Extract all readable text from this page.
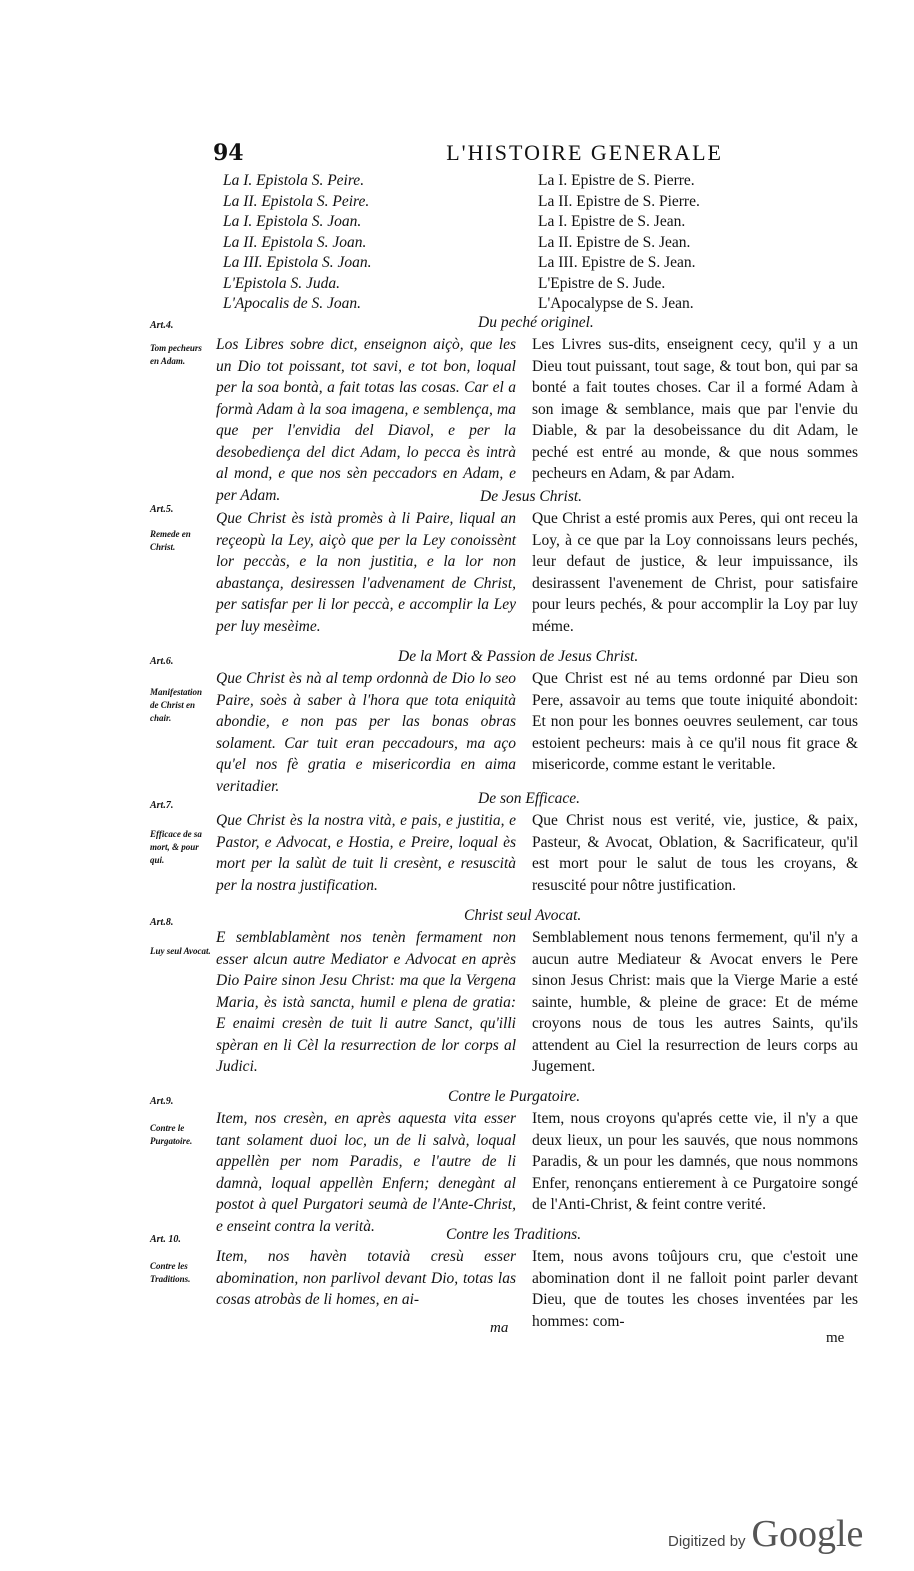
94	L'HISTOIRE GENERALE
La I. Epistola S. Peire.	La I. Epistre de S. Pierre.
La II. Epistola S. Peire.	La II. Epistre de S. Pierre.
La I. Epistola S. Joan.	La I. Epistre de S. Jean.
La II. Epistola S. Joan.	La II. Epistre de S. Jean.
La III. Epistola S. Joan.	La III. Epistre de S. Jean.
L'Epistola S. Juda.	L'Epistre de S. Jude.
L'Apocalis de S. Joan.	L'Apocalypse de S. Jean.
Du peché originel.
Art.4.
Tom pecheurs en Adam.
Los Libres sobre dict, enseignon aiçò, que les un Dio tot poissant, tot savi, e tot bon, loqual per la soa bontà, a fait totas las cosas. Car el a formà Adam à la soa imagena, e semblença, ma que per l'envidia del Diavol, e per la desobediença del dict Adam, lo pecca ès intrà al mond, e que nos sèn peccadors en Adam, e per Adam.
Les Livres sus-dits, enseignent cecy, qu'il y a un Dieu tout puissant, tout sage, & tout bon, qui par sa bonté a fait toutes choses. Car il a formé Adam à son image & semblance, mais que par l'envie du Diable, & par la desobeissance du dit Adam, le peché est entré au monde, & que nous sommes pecheurs en Adam, & par Adam.
De Jesus Christ.
Art.5.
Remede en Christ.
Que Christ ès istà promès à li Paire, liqual an reçeopù la Ley, aiçò que per la Ley conoissènt lor peccàs, e la non justitia, e la lor non abastança, desiressen l'advenament de Christ, per satisfar per li lor peccà, e accomplir la Ley per luy mesèime.
Que Christ a esté promis aux Peres, qui ont receu la Loy, à ce que par la Loy connoissans leurs pechés, leur defaut de justice, & leur impuissance, ils desirassent l'avenement de Christ, pour satisfaire pour leurs pechés, & pour accomplir la Loy par luy méme.
De la Mort & Passion de Jesus Christ.
Art.6.
Manifestation de Christ en chair.
Que Christ ès nà al temp ordonnà de Dio lo seo Paire, soès à saber à l'hora que tota eniquità abondie, e non pas per las bonas obras solament. Car tuit eran peccadours, ma aço qu'el nos fè gratia e misericordia en aima veritadier.
Que Christ est né au tems ordonné par Dieu son Pere, assavoir au tems que toute iniquité abondoit: Et non pour les bonnes oeuvres seulement, car tous estoient pecheurs: mais à ce qu'il nous fit grace & misericorde, comme estant le veritable.
De son Efficace.
Art.7.
Efficace de sa mort, & pour qui.
Que Christ ès la nostra vità, e pais, e justitia, e Pastor, e Advocat, e Hostia, e Preire, loqual ès mort per la salùt de tuit li cresènt, e resuscità per la nostra justification.
Que Christ nous est verité, vie, justice, & paix, Pasteur, & Avocat, Oblation, & Sacrificateur, qu'il est mort pour le salut de tous les croyans, & resuscité pour nôtre justification.
Christ seul Avocat.
Art.8.
Luy seul Avocat.
E semblablamènt nos tenèn fermament non esser alcun autre Mediator e Advocat en après Dio Paire sinon Jesu Christ: ma que la Vergena Maria, ès istà sancta, humil e plena de gratia: E enaimi cresèn de tuit li autre Sanct, qu'illi spèran en li Cèl la resurrection de lor corps al Judici.
Semblablement nous tenons fermement, qu'il n'y a aucun autre Mediateur & Avocat envers le Pere sinon Jesus Christ: mais que la Vierge Marie a esté sainte, humble, & pleine de grace: Et de méme croyons nous de tous les autres Saints, qu'ils attendent au Ciel la resurrection de leurs corps au Jugement.
Contre le Purgatoire.
Art.9.
Contre le Purgatoire.
Item, nos cresèn, en après aquesta vita esser tant solament duoi loc, un de li salvà, loqual appellèn per nom Paradis, e l'autre de li damnà, loqual appellèn Enfern; denegànt al postot à quel Purgatori seumà de l'Ante-Christ, e enseint contra la verità.
Item, nous croyons qu'aprés cette vie, il n'y a que deux lieux, un pour les sauvés, que nous nommons Paradis, & un pour les damnés, que nous nommons Enfer, renonçans entierement à ce Purgatoire songé de l'Anti-Christ, & feint contre verité.
Contre les Traditions.
Art. 10.
Contre les Traditions.
Item, nos havèn totavià cresù esser abomination, non parlivol devant Dio, totas las cosas atrobàs de li homes, en ai-
Item, nous avons toûjours cru, que c'estoit une abomination dont il ne falloit point parler devant Dieu, que de toutes les choses inventées par les hommes: com-
ma
me
Digitized by Google
